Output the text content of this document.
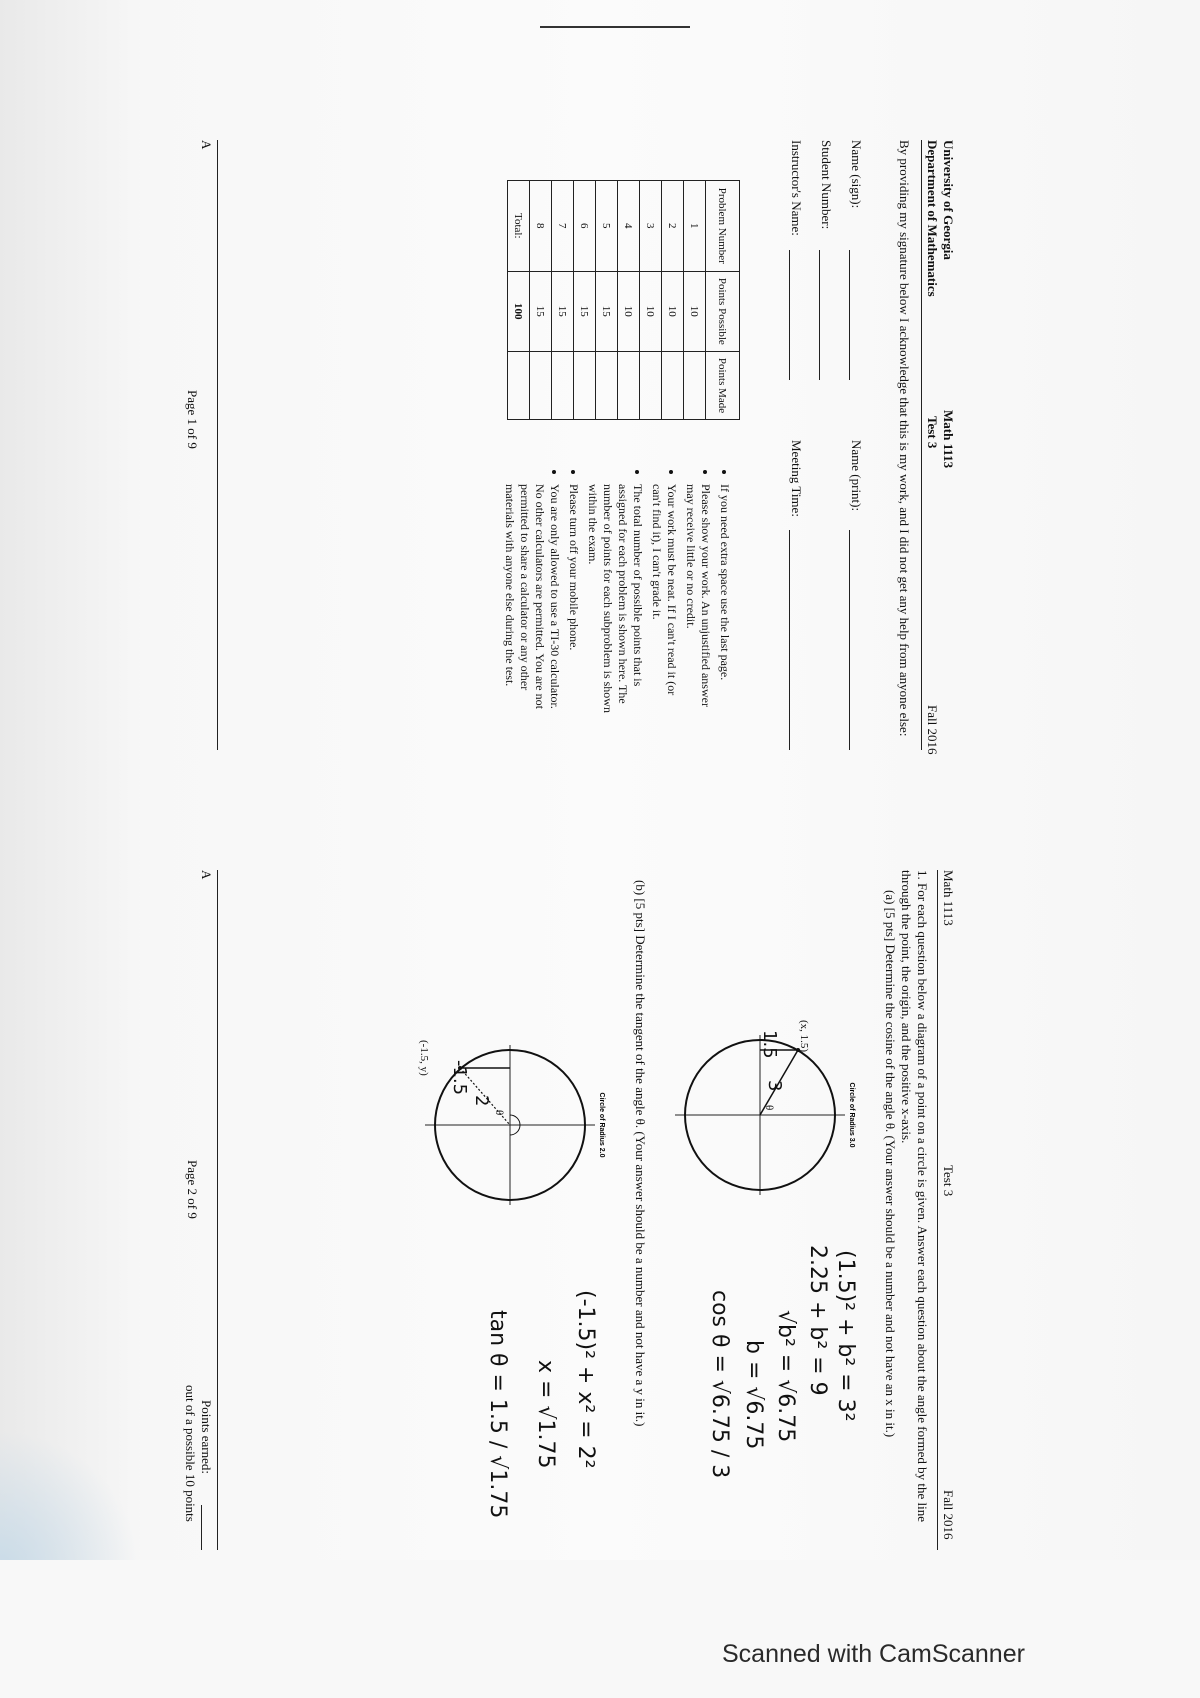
University of Georgia
Department of Mathematics
Math 1113
Test 3
Fall 2016
By providing my signature below I acknowledge that this is my work, and I did not get any help from anyone else:
Name (sign):
Name (print):
Student Number:
Instructor's Name:
Meeting Time:
Problem Number	Points Possible	Points Made
1	10	
2	10	
3	10	
4	10	
5	15	
6	15	
7	15	
8	15	
Total:	100	
• If you need extra space use the last page.
• Please show your work. An unjustified answer may receive little or no credit.
• Your work must be neat. If I can't read it (or can't find it), I can't grade it.
• The total number of possible points that is assigned for each problem is shown here. The number of points for each subproblem is shown within the exam.
• Please turn off your mobile phone.
• You are only allowed to use a TI-30 calculator. No other calculators are permitted. You are not permitted to share a calculator or any other materials with anyone else during the test.
A
Page 1 of 9
Math 1113
Test 3
Fall 2016
1. For each question below a diagram of a point on a circle is given. Answer each question about the angle formed by the line through the point, the origin, and the positive x-axis.
(a) [5 pts] Determine the cosine of the angle θ. (Your answer should be a number and not have an x in it.)
Circle of Radius 3.0
(x, 1.5)
1.5
3
θ
(1.5)² + b² = 3²
2.25 + b² = 9
√b² = √6.75
b = √6.75
cos θ = √6.75 / 3
(b) [5 pts] Determine the tangent of the angle θ. (Your answer should be a number and not have a y in it.)
Circle of Radius 2.0
(-1.5, y)
-1.5
2
θ
(-1.5)² + x² = 2²
x = √1.75
tan θ = 1.5 / √1.75
A
Page 2 of 9
Points earned:
out of a possible 10 points
Scanned with CamScanner
